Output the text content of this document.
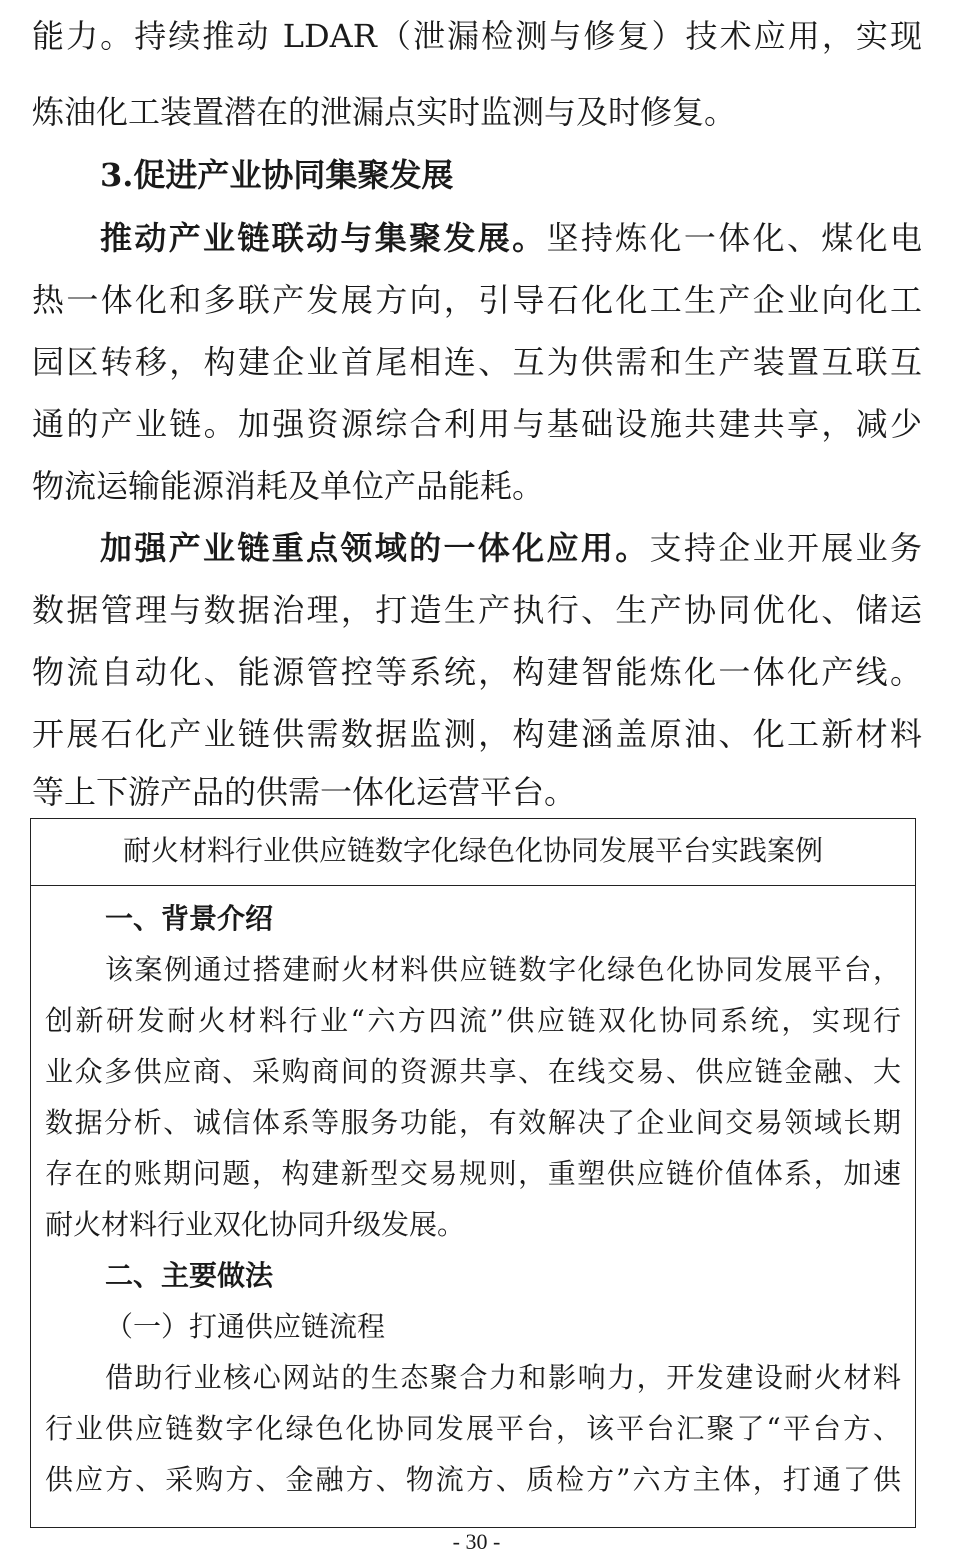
能力。持续推动 LDAR（泄漏检测与修复）技术应用，实现
炼油化工装置潜在的泄漏点实时监测与及时修复。
3.促进产业协同集聚发展
推动产业链联动与集聚发展。坚持炼化一体化、煤化电
热一体化和多联产发展方向，引导石化化工生产企业向化工
园区转移，构建企业首尾相连、互为供需和生产装置互联互
通的产业链。加强资源综合利用与基础设施共建共享，减少
物流运输能源消耗及单位产品能耗。
加强产业链重点领域的一体化应用。支持企业开展业务
数据管理与数据治理，打造生产执行、生产协同优化、储运
物流自动化、能源管控等系统，构建智能炼化一体化产线。
开展石化产业链供需数据监测，构建涵盖原油、化工新材料
等上下游产品的供需一体化运营平台。
耐火材料行业供应链数字化绿色化协同发展平台实践案例
一、背景介绍
该案例通过搭建耐火材料供应链数字化绿色化协同发展平台，
创新研发耐火材料行业“六方四流”供应链双化协同系统，实现行
业众多供应商、采购商间的资源共享、在线交易、供应链金融、大
数据分析、诚信体系等服务功能，有效解决了企业间交易领域长期
存在的账期问题，构建新型交易规则，重塑供应链价值体系，加速
耐火材料行业双化协同升级发展。
二、主要做法
（一）打通供应链流程
借助行业核心网站的生态聚合力和影响力，开发建设耐火材料
行业供应链数字化绿色化协同发展平台，该平台汇聚了“平台方、
供应方、采购方、金融方、物流方、质检方”六方主体，打通了供
- 30 -
